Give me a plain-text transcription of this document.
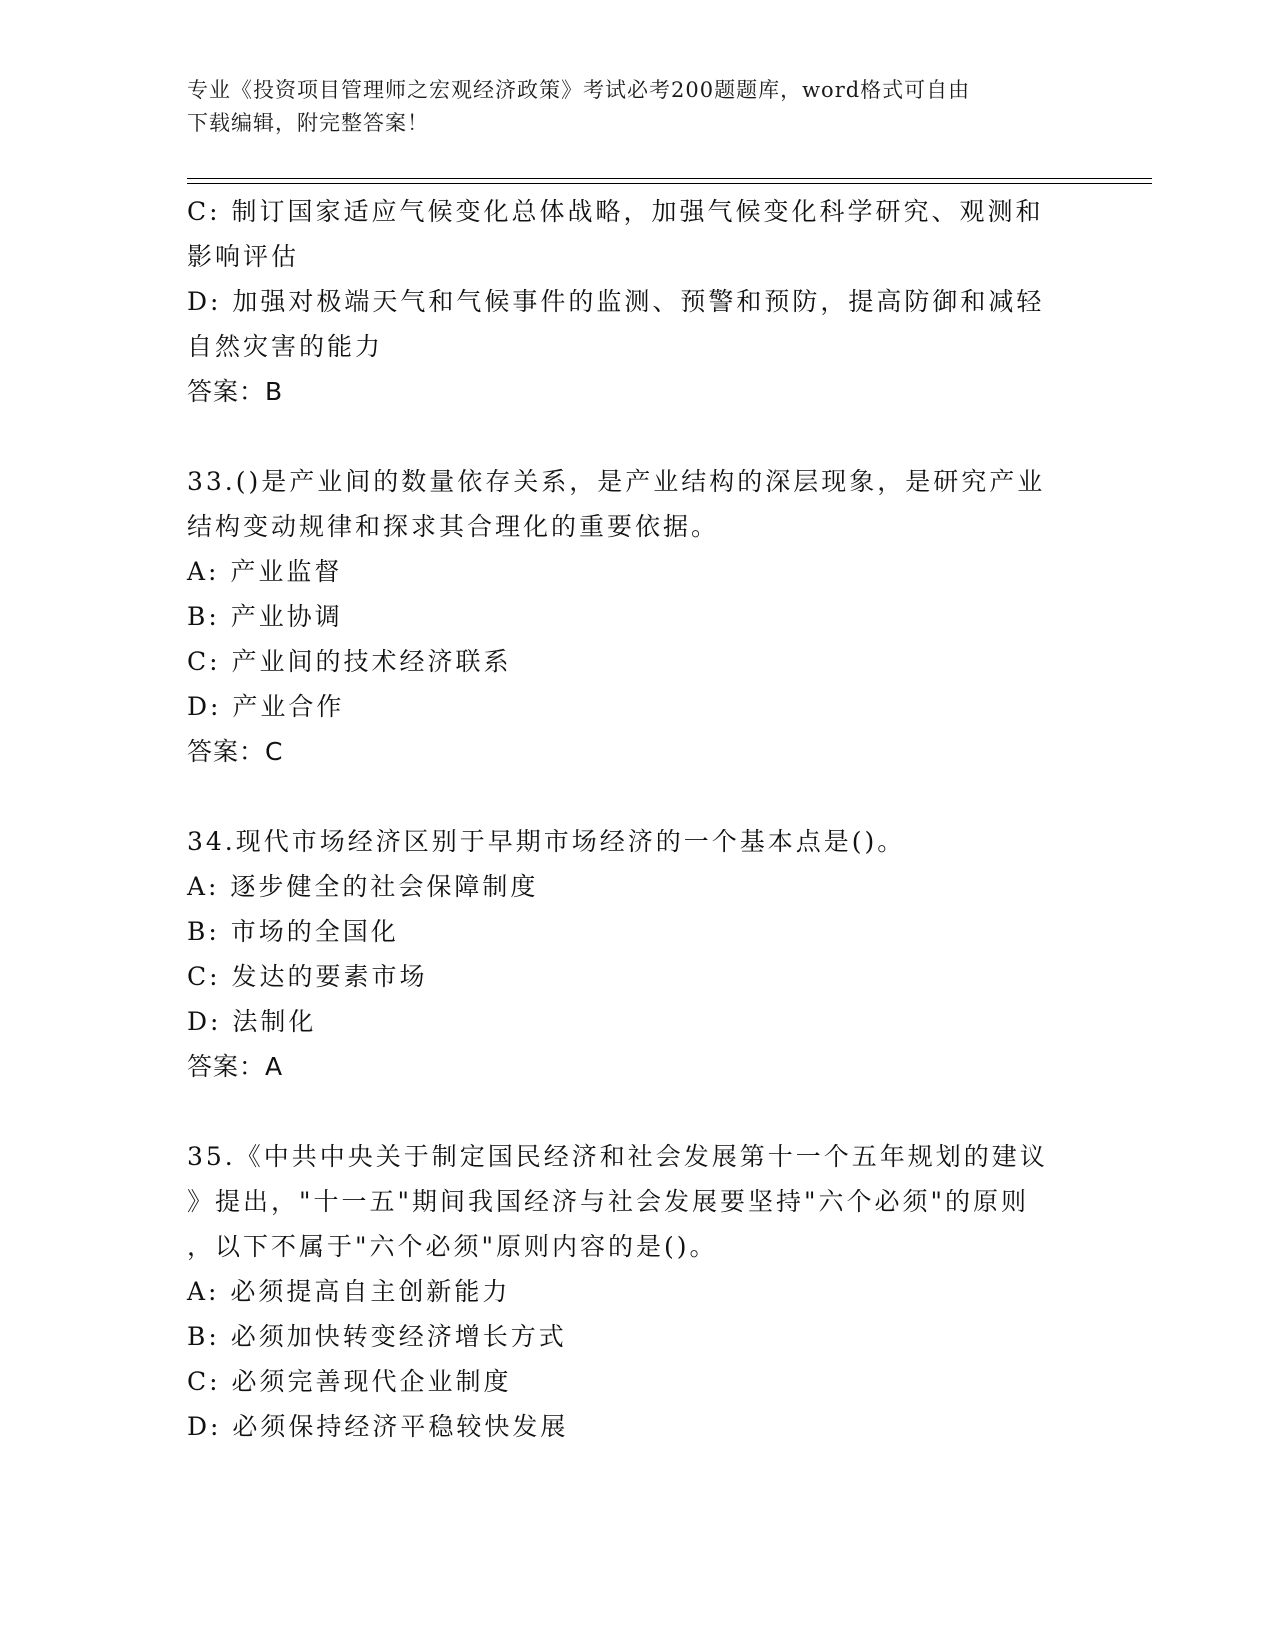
专业《投资项目管理师之宏观经济政策》考试必考200题题库，word格式可自由
下载编辑，附完整答案！
C: 制订国家适应气候变化总体战略，加强气候变化科学研究、观测和
影响评估
D: 加强对极端天气和气候事件的监测、预警和预防，提高防御和减轻
自然灾害的能力
答案：B
33.()是产业间的数量依存关系，是产业结构的深层现象，是研究产业
结构变动规律和探求其合理化的重要依据。
A: 产业监督
B: 产业协调
C: 产业间的技术经济联系
D: 产业合作
答案：C
34.现代市场经济区别于早期市场经济的一个基本点是()。
A: 逐步健全的社会保障制度
B: 市场的全国化
C: 发达的要素市场
D: 法制化
答案：A
35.《中共中央关于制定国民经济和社会发展第十一个五年规划的建议
》提出，"十一五"期间我国经济与社会发展要坚持"六个必须"的原则
，以下不属于"六个必须"原则内容的是()。
A: 必须提高自主创新能力
B: 必须加快转变经济增长方式
C: 必须完善现代企业制度
D: 必须保持经济平稳较快发展
